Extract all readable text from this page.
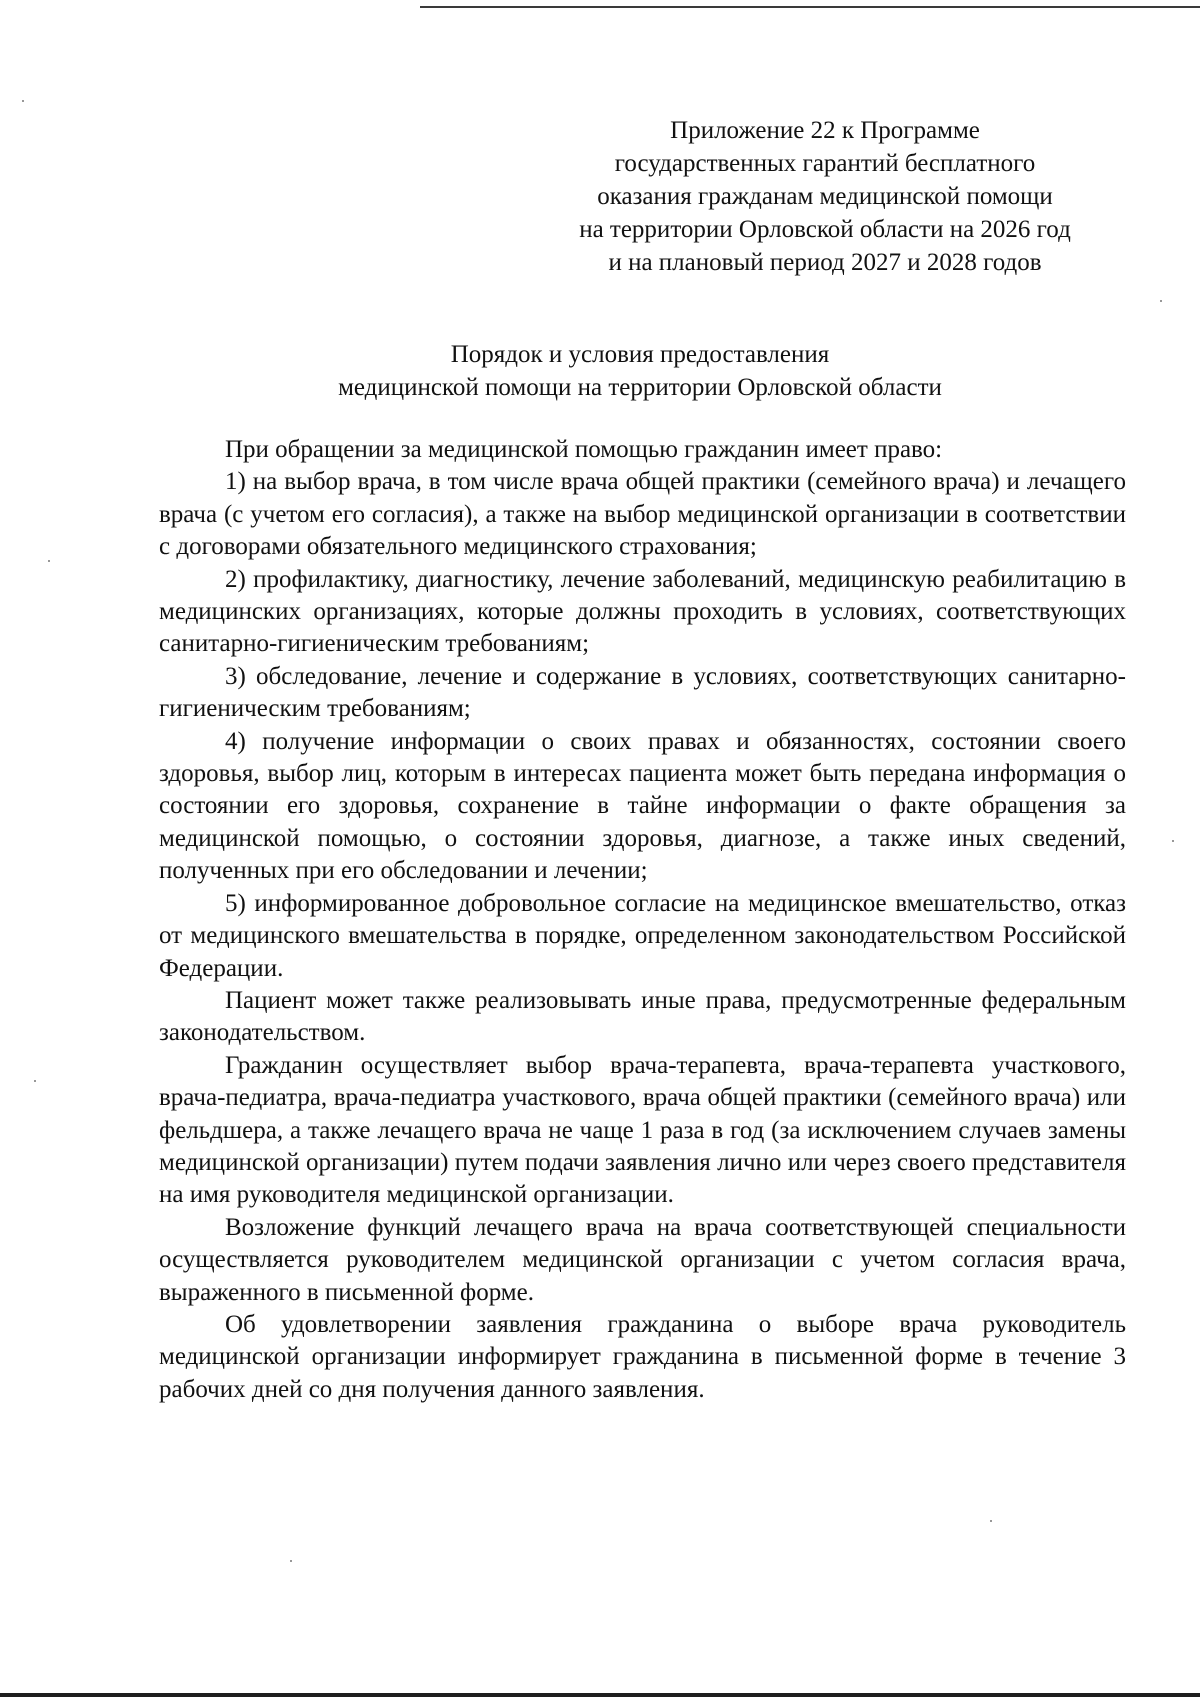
Приложение 22 к Программе
государственных гарантий бесплатного
оказания гражданам медицинской помощи
на территории Орловской области на 2026 год
и на плановый период 2027 и 2028 годов
Порядок и условия предоставления
медицинской помощи на территории Орловской области

При обращении за медицинской помощью гражданин имеет право:

1) на выбор врача, в том числе врача общей практики (семейного врача) и лечащего врача (с учетом его согласия), а также на выбор медицинской организации в соответствии с договорами обязательного медицинского страхования;

2) профилактику, диагностику, лечение заболеваний, медицинскую реабилитацию в медицинских организациях, которые должны проходить в условиях, соответствующих санитарно-гигиеническим требованиям;

3) обследование, лечение и содержание в условиях, соответствующих санитарно-гигиеническим требованиям;

4) получение информации о своих правах и обязанностях, состоянии своего здоровья, выбор лиц, которым в интересах пациента может быть передана информация о состоянии его здоровья, сохранение в тайне информации о факте обращения за медицинской помощью, о состоянии здоровья, диагнозе, а также иных сведений, полученных при его обследовании и лечении;

5) информированное добровольное согласие на медицинское вмешательство, отказ от медицинского вмешательства в порядке, определенном законодательством Российской Федерации.

Пациент может также реализовывать иные права, предусмотренные федеральным законодательством.

Гражданин осуществляет выбор врача-терапевта, врача-терапевта участкового, врача-педиатра, врача-педиатра участкового, врача общей практики (семейного врача) или фельдшера, а также лечащего врача не чаще 1 раза в год (за исключением случаев замены медицинской организации) путем подачи заявления лично или через своего представителя на имя руководителя медицинской организации.

Возложение функций лечащего врача на врача соответствующей специальности осуществляется руководителем медицинской организации с учетом согласия врача, выраженного в письменной форме.

Об удовлетворении заявления гражданина о выборе врача руководитель медицинской организации информирует гражданина в письменной форме в течение 3 рабочих дней со дня получения данного заявления.
